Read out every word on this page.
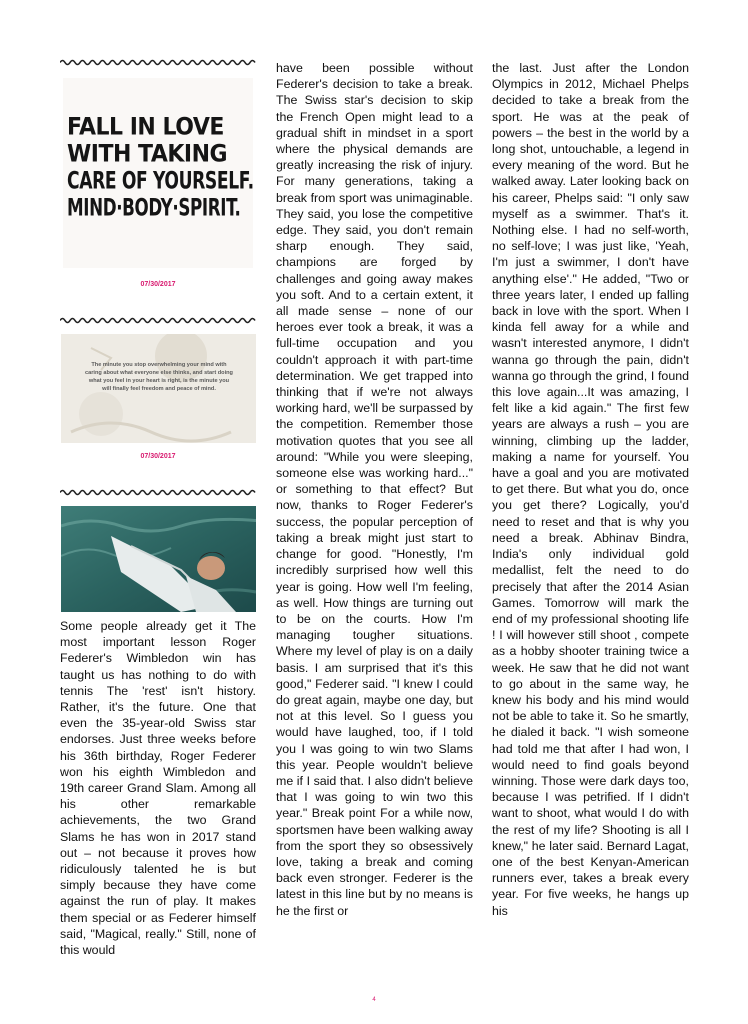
FALL IN LOVE
WITH TAKING
CARE OF YOURSELF.
MIND·BODY·SPIRIT.
07/30/2017
The minute you stop overwhelming your mind with caring about what everyone else thinks, and start doing what you feel in your heart is right, is the minute you will finally feel freedom and peace of mind.
07/30/2017
Some people already get it The most important lesson Roger Federer's Wimbledon win has taught us has nothing to do with tennis The 'rest' isn't history. Rather, it's the future. One that even the 35-year-old Swiss star endorses. Just three weeks before his 36th birthday, Roger Federer won his eighth Wimbledon and 19th career Grand Slam. Among all his other remarkable achievements, the two Grand Slams he has won in 2017 stand out – not because it proves how ridiculously talented he is but simply because they have come against the run of play. It makes them special or as Federer himself said, "Magical, really." Still, none of this would
have been possible without Federer's decision to take a break. The Swiss star's decision to skip the French Open might lead to a gradual shift in mindset in a sport where the physical demands are greatly increasing the risk of injury. For many generations, taking a break from sport was unimaginable. They said, you lose the competitive edge. They said, you don't remain sharp enough. They said, champions are forged by challenges and going away makes you soft. And to a certain extent, it all made sense – none of our heroes ever took a break, it was a full-time occupation and you couldn't approach it with part-time determination. We get trapped into thinking that if we're not always working hard, we'll be surpassed by the competition. Remember those motivation quotes that you see all around: "While you were sleeping, someone else was working hard..." or something to that effect? But now, thanks to Roger Federer's success, the popular perception of taking a break might just start to change for good. "Honestly, I'm incredibly surprised how well this year is going. How well I'm feeling, as well. How things are turning out to be on the courts. How I'm managing tougher situations. Where my level of play is on a daily basis. I am surprised that it's this good," Federer said. "I knew I could do great again, maybe one day, but not at this level. So I guess you would have laughed, too, if I told you I was going to win two Slams this year. People wouldn't believe me if I said that. I also didn't believe that I was going to win two this year." Break point For a while now, sportsmen have been walking away from the sport they so obsessively love, taking a break and coming back even stronger. Federer is the latest in this line but by no means is he the first or
the last. Just after the London Olympics in 2012, Michael Phelps decided to take a break from the sport. He was at the peak of powers – the best in the world by a long shot, untouchable, a legend in every meaning of the word. But he walked away. Later looking back on his career, Phelps said: "I only saw myself as a swimmer. That's it. Nothing else. I had no self-worth, no self-love; I was just like, 'Yeah, I'm just a swimmer, I don't have anything else'." He added, "Two or three years later, I ended up falling back in love with the sport. When I kinda fell away for a while and wasn't interested anymore, I didn't wanna go through the pain, didn't wanna go through the grind, I found this love again...It was amazing, I felt like a kid again." The first few years are always a rush – you are winning, climbing up the ladder, making a name for yourself. You have a goal and you are motivated to get there. But what you do, once you get there? Logically, you'd need to reset and that is why you need a break. Abhinav Bindra, India's only individual gold medallist, felt the need to do precisely that after the 2014 Asian Games. Tomorrow will mark the end of my professional shooting life ! I will however still shoot , compete as a hobby shooter training twice a week. He saw that he did not want to go about in the same way, he knew his body and his mind would not be able to take it. So he smartly, he dialed it back. "I wish someone had told me that after I had won, I would need to find goals beyond winning. Those were dark days too, because I was petrified. If I didn't want to shoot, what would I do with the rest of my life? Shooting is all I knew," he later said. Bernard Lagat, one of the best Kenyan-American runners ever, takes a break every year. For five weeks, he hangs up his
4
